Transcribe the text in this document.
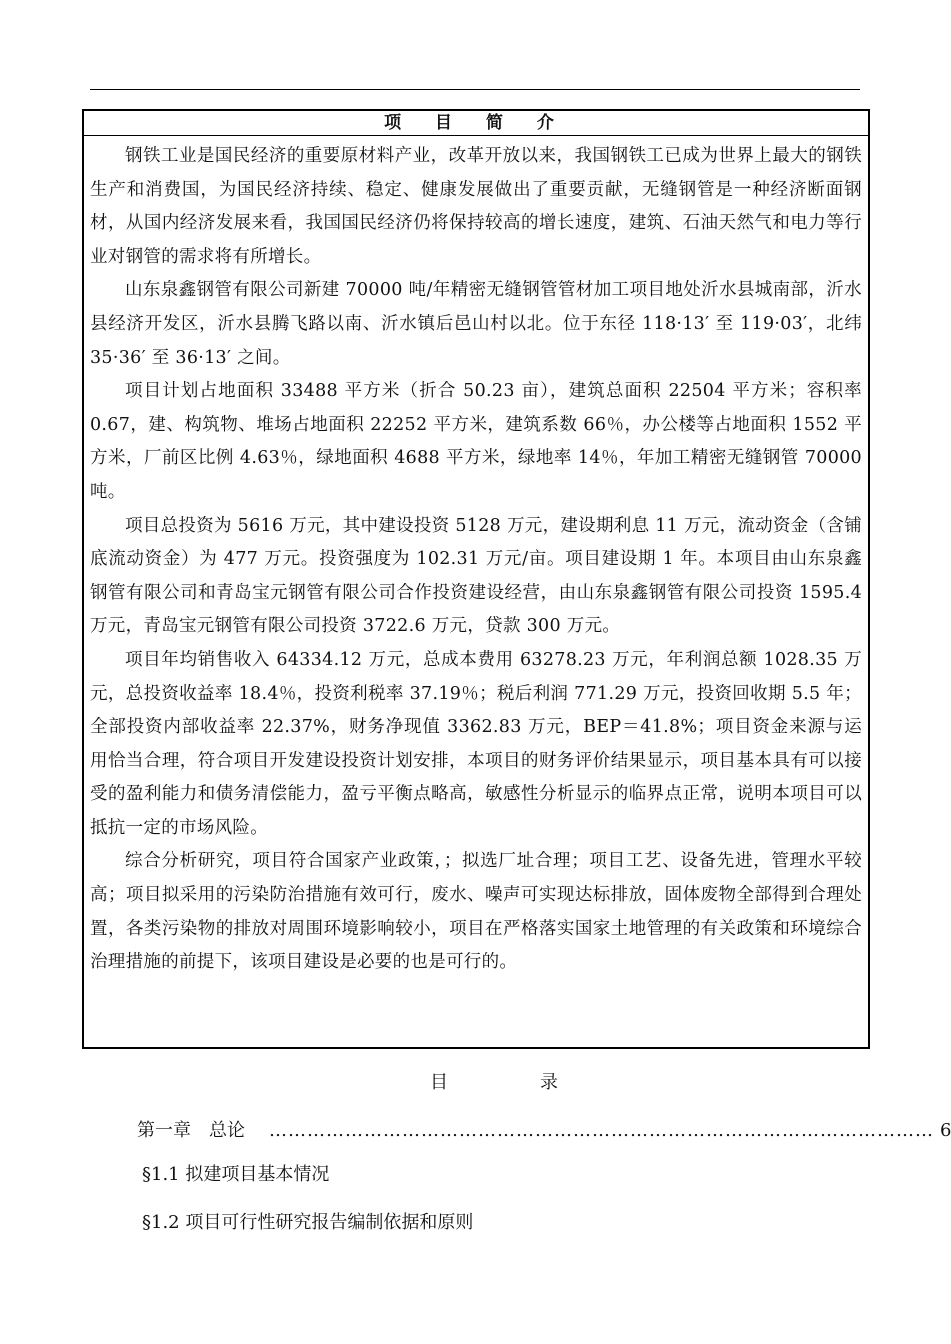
项 目 简 介

钢铁工业是国民经济的重要原材料产业，改革开放以来，我国钢铁工已成为世界上最大的钢铁生产和消费国，为国民经济持续、稳定、健康发展做出了重要贡献，无缝钢管是一种经济断面钢材，从国内经济发展来看，我国国民经济仍将保持较高的增长速度，建筑、石油天然气和电力等行业对钢管的需求将有所增长。

山东泉鑫钢管有限公司新建 70000 吨/年精密无缝钢管管材加工项目地处沂水县城南部，沂水县经济开发区，沂水县腾飞路以南、沂水镇后邑山村以北。位于东径 118·13′ 至 119·03′，北纬 35·36′ 至 36·13′ 之间。

项目计划占地面积 33488 平方米（折合 50.23 亩），建筑总面积 22504 平方米；容积率 0.67，建、构筑物、堆场占地面积 22252 平方米，建筑系数 66％，办公楼等占地面积 1552 平方米，厂前区比例 4.63％，绿地面积 4688 平方米，绿地率 14％，年加工精密无缝钢管 70000 吨。

项目总投资为 5616 万元，其中建设投资 5128 万元，建设期利息 11 万元，流动资金（含铺底流动资金）为 477 万元。投资强度为 102.31 万元/亩。项目建设期 1 年。本项目由山东泉鑫钢管有限公司和青岛宝元钢管有限公司合作投资建设经营，由山东泉鑫钢管有限公司投资 1595.4 万元，青岛宝元钢管有限公司投资 3722.6 万元，贷款 300 万元。

项目年均销售收入 64334.12 万元，总成本费用 63278.23 万元，年利润总额 1028.35 万元，总投资收益率 18.4％，投资利税率 37.19％；税后利润 771.29 万元，投资回收期 5.5 年；全部投资内部收益率 22.37%，财务净现值 3362.83 万元，BEP＝41.8%；项目资金来源与运用恰当合理，符合项目开发建设投资计划安排，本项目的财务评价结果显示，项目基本具有可以接受的盈利能力和债务清偿能力，盈亏平衡点略高，敏感性分析显示的临界点正常，说明本项目可以抵抗一定的市场风险。

综合分析研究，项目符合国家产业政策，；拟选厂址合理；项目工艺、设备先进，管理水平较高；项目拟采用的污染防治措施有效可行，废水、噪声可实现达标排放，固体废物全部得到合理处置，各类污染物的排放对周围环境影响较小，项目在严格落实国家土地管理的有关政策和环境综合治理措施的前提下，该项目建设是必要的也是可行的。

目	录
第一章　总论 …………………………………………………………………………………………… 6
§1.1 拟建项目基本情况
§1.2 项目可行性研究报告编制依据和原则
